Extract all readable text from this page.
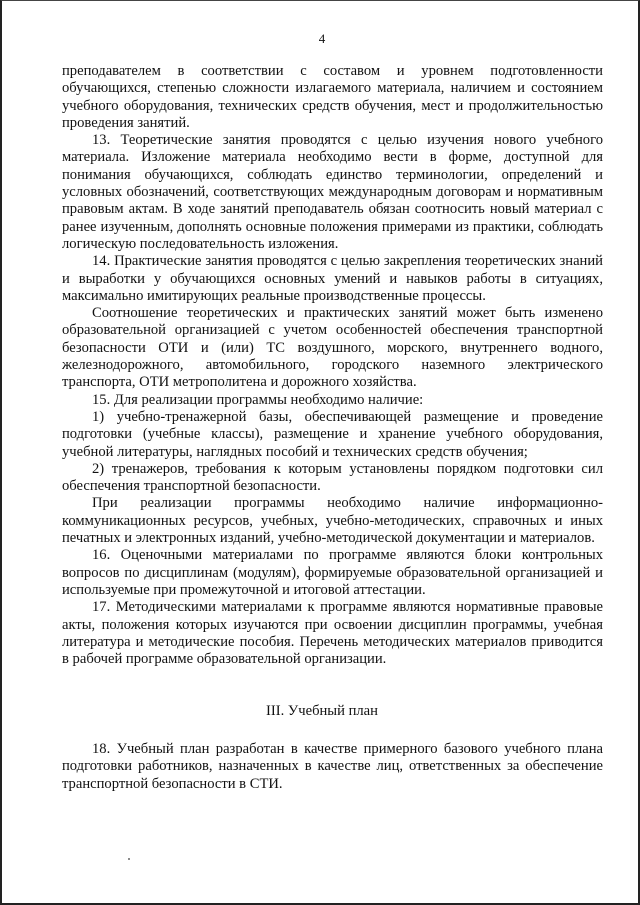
4

преподавателем в соответствии с составом и уровнем подготовленности обучающихся, степенью сложности излагаемого материала, наличием и состоянием учебного оборудования, технических средств обучения, мест и продолжительностью проведения занятий.

13. Теоретические занятия проводятся с целью изучения нового учебного материала. Изложение материала необходимо вести в форме, доступной для понимания обучающихся, соблюдать единство терминологии, определений и условных обозначений, соответствующих международным договорам и нормативным правовым актам. В ходе занятий преподаватель обязан соотносить новый материал с ранее изученным, дополнять основные положения примерами из практики, соблюдать логическую последовательность изложения.

14. Практические занятия проводятся с целью закрепления теоретических знаний и выработки у обучающихся основных умений и навыков работы в ситуациях, максимально имитирующих реальные производственные процессы.

Соотношение теоретических и практических занятий может быть изменено образовательной организацией с учетом особенностей обеспечения транспортной безопасности ОТИ и (или) ТС воздушного, морского, внутреннего водного, железнодорожного, автомобильного, городского наземного электрического транспорта, ОТИ метрополитена и дорожного хозяйства.

15. Для реализации программы необходимо наличие:

1) учебно-тренажерной базы, обеспечивающей размещение и проведение подготовки (учебные классы), размещение и хранение учебного оборудования, учебной литературы, наглядных пособий и технических средств обучения;

2) тренажеров, требования к которым установлены порядком подготовки сил обеспечения транспортной безопасности.

При реализации программы необходимо наличие информационно-коммуникационных ресурсов, учебных, учебно-методических, справочных и иных печатных и электронных изданий, учебно-методической документации и материалов.

16. Оценочными материалами по программе являются блоки контрольных вопросов по дисциплинам (модулям), формируемые образовательной организацией и используемые при промежуточной и итоговой аттестации.

17. Методическими материалами к программе являются нормативные правовые акты, положения которых изучаются при освоении дисциплин программы, учебная литература и методические пособия. Перечень методических материалов приводится в рабочей программе образовательной организации.

III. Учебный план

18. Учебный план разработан в качестве примерного базового учебного плана подготовки работников, назначенных в качестве лиц, ответственных за обеспечение транспортной безопасности в СТИ.
